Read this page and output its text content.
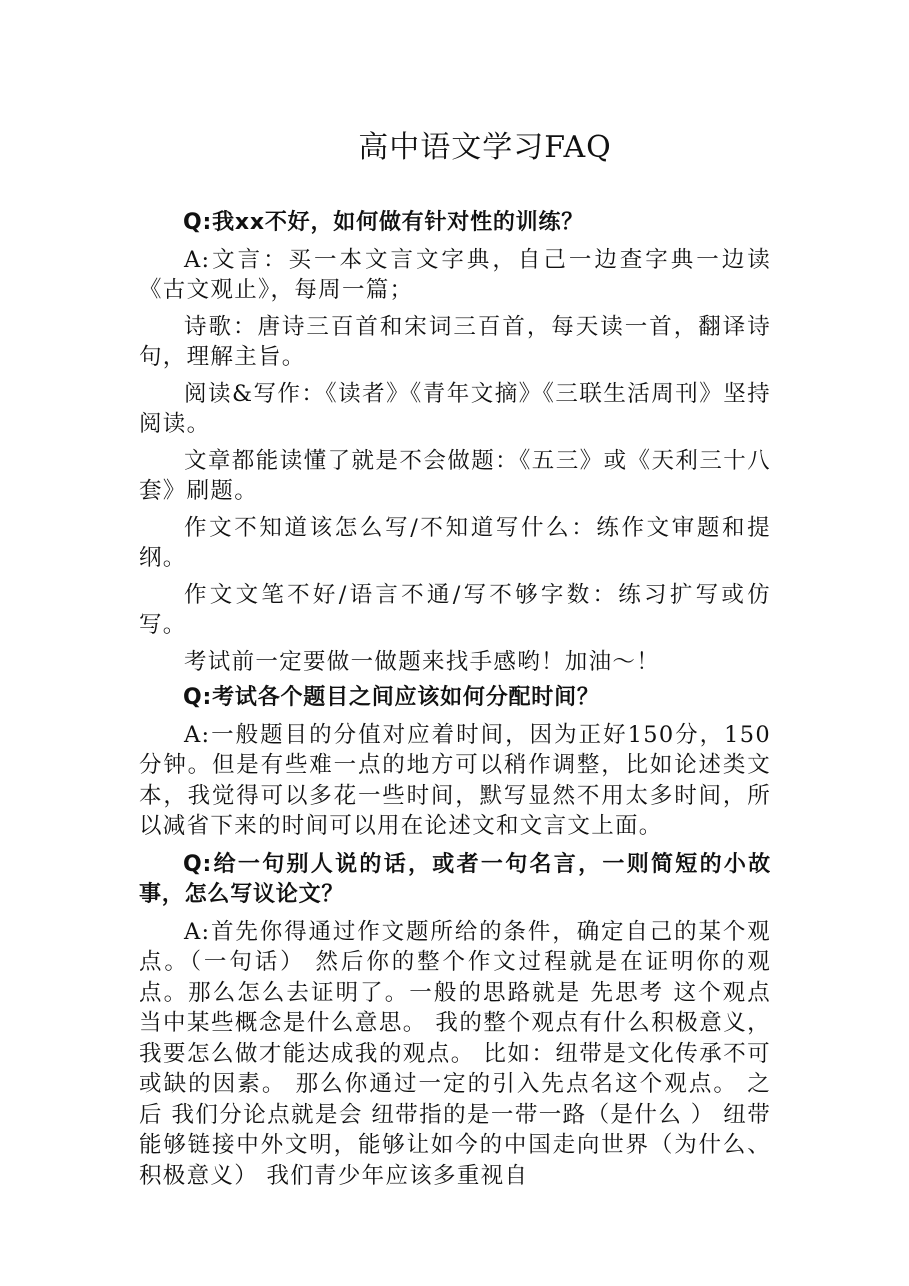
高中语文学习FAQ

Q:我xx不好，如何做有针对性的训练？

A:文言：买一本文言文字典，自己一边查字典一边读《古文观止》，每周一篇；

诗歌：唐诗三百首和宋词三百首，每天读一首，翻译诗句，理解主旨。

阅读&写作：《读者》《青年文摘》《三联生活周刊》坚持阅读。

文章都能读懂了就是不会做题：《五三》或《天利三十八套》刷题。

作文不知道该怎么写/不知道写什么：练作文审题和提纲。

作文文笔不好/语言不通/写不够字数：练习扩写或仿写。

考试前一定要做一做题来找手感哟！加油～！

Q:考试各个题目之间应该如何分配时间？

A:一般题目的分值对应着时间，因为正好150分，150分钟。但是有些难一点的地方可以稍作调整，比如论述类文本，我觉得可以多花一些时间，默写显然不用太多时间，所以减省下来的时间可以用在论述文和文言文上面。

Q:给一句别人说的话，或者一句名言，一则简短的小故事，怎么写议论文？

A:首先你得通过作文题所给的条件，确定自己的某个观点。（一句话） 然后你的整个作文过程就是在证明你的观点。那么怎么去证明了。一般的思路就是 先思考 这个观点当中某些概念是什么意思。 我的整个观点有什么积极意义，我要怎么做才能达成我的观点。 比如：纽带是文化传承不可或缺的因素。 那么你通过一定的引入先点名这个观点。 之后 我们分论点就是会 纽带指的是一带一路（是什么 ） 纽带能够链接中外文明，能够让如今的中国走向世界（为什么、积极意义） 我们青少年应该多重视自
